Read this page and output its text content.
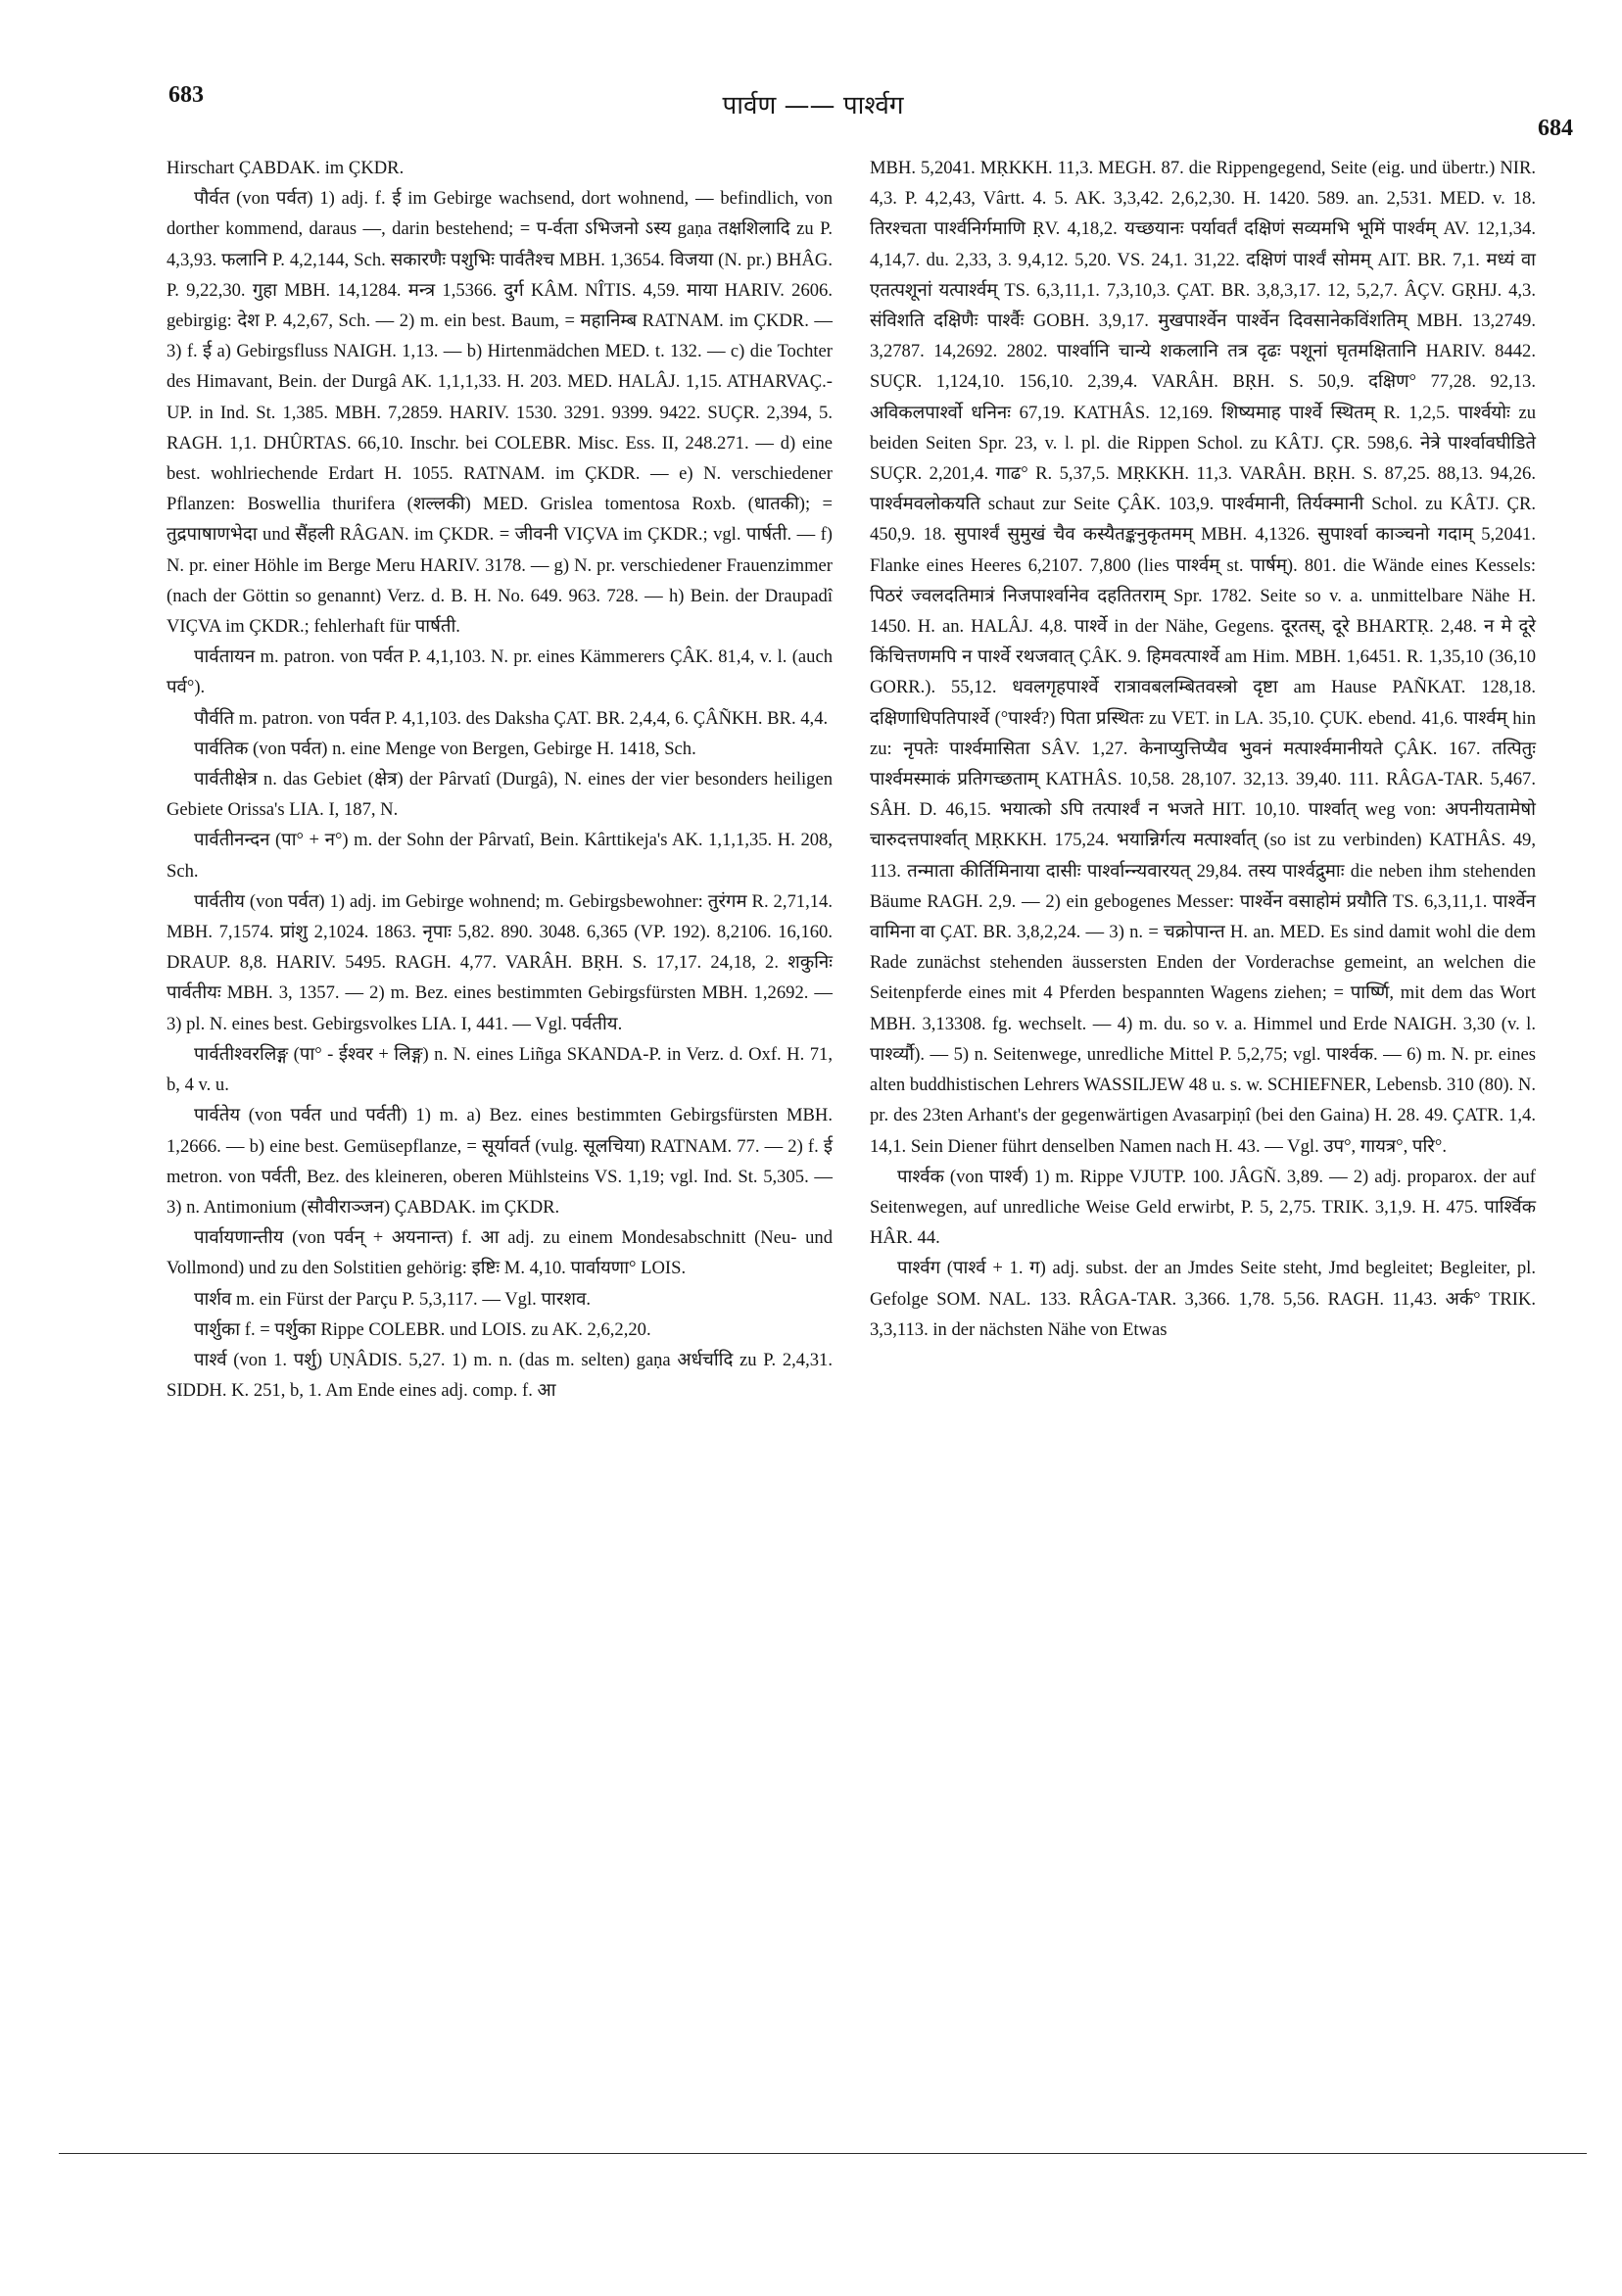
683	पार्वण —— पार्श्वग
684

Hirschart ÇABDAK. im ÇKDR.

पौर्वत (von पर्वत) 1) adj. f. ई im Gebirge wachsend, dort wohnend, — befindlich, von dorther kommend, daraus —, darin bestehend; = प-र्वता ऽभिजनो ऽस्य gaṇa तक्षशिलादि zu P. 4,3,93. फलानि P. 4,2,144, Sch. सकारणैः पशुभिः पार्वतैश्च MBH. 1,3654. विजया (N. pr.) BHÂG. P. 9,22,30. गुहा MBH. 14,1284. मन्त्र 1,5366. दुर्ग KÂM. NÎTIS. 4,59. माया HARIV. 2606. gebirgig: देश P. 4,2,67, Sch. — 2) m. ein best. Baum, = महानिम्ब RATNAM. im ÇKDR. — 3) f. ई a) Gebirgsfluss NAIGH. 1,13. — b) Hirtenmädchen MED. t. 132. — c) die Tochter des Himavant, Bein. der Durgâ AK. 1,1,1,33. H. 203. MED. HALÂJ. 1,15. ATHARVAÇ.-UP. in Ind. St. 1,385. MBH. 7,2859. HARIV. 1530. 3291. 9399. 9422. SUÇR. 2,394, 5. RAGH. 1,1. DHÛRTAS. 66,10. Inschr. bei COLEBR. Misc. Ess. II, 248.271. — d) eine best. wohlriechende Erdart H. 1055. RATNAM. im ÇKDR. — e) N. verschiedener Pflanzen: Boswellia thurifera (शल्लकी) MED. Grislea tomentosa Roxb. (धातकी); = तुद्रपाषाणभेदा und सैंहली RÂGAN. im ÇKDR. = जीवनी VIÇVA im ÇKDR.; vgl. पार्षती. — f) N. pr. einer Höhle im Berge Meru HARIV. 3178. — g) N. pr. verschiedener Frauenzimmer (nach der Göttin so genannt) Verz. d. B. H. No. 649. 963. 728. — h) Bein. der Draupadî VIÇVA im ÇKDR.; fehlerhaft für पार्षती.

पार्वतायन m. patron. von पर्वत P. 4,1,103. N. pr. eines Kämmerers ÇÂK. 81,4, v. l. (auch पर्व°).

पौर्वति m. patron. von पर्वत P. 4,1,103. des Daksha ÇAT. BR. 2,4,4, 6. ÇÂÑKH. BR. 4,4.

पार्वतिक (von पर्वत) n. eine Menge von Bergen, Gebirge H. 1418, Sch.

पार्वतीक्षेत्र n. das Gebiet (क्षेत्र) der Pârvatî (Durgâ), N. eines der vier besonders heiligen Gebiete Orissa's LIA. I, 187, N.

पार्वतीनन्दन (पा° + न°) m. der Sohn der Pârvatî, Bein. Kârttikeja's AK. 1,1,1,35. H. 208, Sch.

पार्वतीय (von पर्वत) 1) adj. im Gebirge wohnend; m. Gebirgsbewohner: तुरंगम R. 2,71,14. MBH. 7,1574. प्रांशु 2,1024. 1863. नृपाः 5,82. 890. 3048. 6,365 (VP. 192). 8,2106. 16,160. DRAUP. 8,8. HARIV. 5495. RAGH. 4,77. VARÂH. BṚH. S. 17,17. 24,18, 2. शकुनिः पार्वतीयः MBH. 3, 1357. — 2) m. Bez. eines bestimmten Gebirgsfürsten MBH. 1,2692. — 3) pl. N. eines best. Gebirgsvolkes LIA. I, 441. — Vgl. पर्वतीय.

पार्वतीश्वरलिङ्ग (पा° - ईश्वर + लिङ्ग) n. N. eines Liñga SKANDA-P. in Verz. d. Oxf. H. 71, b, 4 v. u.

पार्वतेय (von पर्वत und पर्वती) 1) m. a) Bez. eines bestimmten Gebirgsfürsten MBH. 1,2666. — b) eine best. Gemüsepflanze, = सूर्यावर्त (vulg. सूलचिया) RATNAM. 77. — 2) f. ई metron. von पर्वती, Bez. des kleineren, oberen Mühlsteins VS. 1,19; vgl. Ind. St. 5,305. — 3) n. Antimonium (सौवीराञ्जन) ÇABDAK. im ÇKDR.

पार्वायणान्तीय (von पर्वन् + अयनान्त) f. आ adj. zu einem Mondesabschnitt (Neu- und Vollmond) und zu den Solstitien gehörig: इष्टिः M. 4,10. पार्वायणा° LOIS.

पार्शव m. ein Fürst der Parçu P. 5,3,117. — Vgl. पारशव.

पार्शुका f. = पर्शुका Rippe COLEBR. und LOIS. zu AK. 2,6,2,20.

पार्श्व (von 1. पर्शु) UṆÂDIS. 5,27. 1) m. n. (das m. selten) gaṇa अर्धर्चादि zu P. 2,4,31. SIDDH. K. 251, b, 1. Am Ende eines adj. comp. f. आ

MBH. 5,2041. MṚKKH. 11,3. MEGH. 87. die Rippengegend, Seite (eig. und übertr.) NIR. 4,3. P. 4,2,43, Vârtt. 4. 5. AK. 3,3,42. 2,6,2,30. H. 1420. 589. an. 2,531. MED. v. 18. तिरश्चता पार्श्वनिर्गमाणि ṚV. 4,18,2. यच्छयानः पर्यावर्तं दक्षिणं सव्यमभि भूमिं पार्श्वम् AV. 12,1,34. 4,14,7. du. 2,33, 3. 9,4,12. 5,20. VS. 24,1. 31,22. दक्षिणं पार्श्वं सोमम् AIT. BR. 7,1. मध्यं वा एतत्पशूनां यत्पार्श्वम् TS. 6,3,11,1. 7,3,10,3. ÇAT. BR. 3,8,3,17. 12, 5,2,7. ÂÇV. GṚHJ. 4,3. संविशति दक्षिणैः पार्श्वैः GOBH. 3,9,17. मुखपार्श्वेन पार्श्वेन दिवसानेकविंशतिम् MBH. 13,2749. 3,2787. 14,2692. 2802. पार्श्वानि चान्ये शकलानि तत्र दृढः पशूनां घृतमक्षितानि HARIV. 8442. SUÇR. 1,124,10. 156,10. 2,39,4. VARÂH. BṚH. S. 50,9. दक्षिण° 77,28. 92,13. अविकलपार्श्वो धनिनः 67,19. KATHÂS. 12,169. शिष्यमाह पार्श्वे स्थितम् R. 1,2,5. पार्श्वयोः zu beiden Seiten Spr. 23, v. l. pl. die Rippen Schol. zu KÂTJ. ÇR. 598,6. नेत्रे पार्श्वावघीडिते SUÇR. 2,201,4. गाढ° R. 5,37,5. MṚKKH. 11,3. VARÂH. BṚH. S. 87,25. 88,13. 94,26. पार्श्वमवलोकयति schaut zur Seite ÇÂK. 103,9. पार्श्वमानी, तिर्यक्मानी Schol. zu KÂTJ. ÇR. 450,9. 18. सुपार्श्वं सुमुखं चैव कस्यैतङ्कनुकृतमम् MBH. 4,1326. सुपार्श्वा काञ्चनो गदाम् 5,2041. Flanke eines Heeres 6,2107. 7,800 (lies पार्श्वम् st. पार्षम्). 801. die Wände eines Kessels: पिठरं ज्वलदतिमात्रं निजपार्श्वानेव दहतितराम् Spr. 1782. Seite so v. a. unmittelbare Nähe H. 1450. H. an. HALÂJ. 4,8. पार्श्वे in der Nähe, Gegens. दूरतस्, दूरे BHARTṚ. 2,48. न मे दूरे किंचित्तणमपि न पार्श्वे रथजवात् ÇÂK. 9. हिमवत्पार्श्वे am Him. MBH. 1,6451. R. 1,35,10 (36,10 GORR.). 55,12. धवलगृहपार्श्वे रात्रावबलम्बितवस्त्रो दृष्टा am Hause PAÑKAT. 128,18. दक्षिणाधिपतिपार्श्वे (°पार्श्व?) पिता प्रस्थितः zu VET. in LA. 35,10. ÇUK. ebend. 41,6. पार्श्वम् hin zu: नृपतेः पार्श्वमासिता SÂV. 1,27. केनाप्युत्तिप्यैव भुवनं मत्पार्श्वमानीयते ÇÂK. 167. तत्पितुः पार्श्वमस्माकं प्रतिगच्छताम् KATHÂS. 10,58. 28,107. 32,13. 39,40. 111. RÂGA-TAR. 5,467. SÂH. D. 46,15. भयात्को ऽपि तत्पार्श्वं न भजते HIT. 10,10. पार्श्वात् weg von: अपनीयतामेषो चारुदत्तपार्श्वात् MṚKKH. 175,24. भयान्निर्गत्य मत्पार्श्वात् (so ist zu verbinden) KATHÂS. 49, 113. तन्माता कीर्तिमिनाया दासीः पार्श्वान्न्यवारयत् 29,84. तस्य पार्श्वद्रुमाः die neben ihm stehenden Bäume RAGH. 2,9. — 2) ein gebogenes Messer: पार्श्वेन वसाहोमं प्रयौति TS. 6,3,11,1. पार्श्वेन वामिना वा ÇAT. BR. 3,8,2,24. — 3) n. = चक्रोपान्त H. an. MED. Es sind damit wohl die dem Rade zunächst stehenden äussersten Enden der Vorderachse gemeint, an welchen die Seitenpferde eines mit 4 Pferden bespannten Wagens ziehen; = पार्ष्णि, mit dem das Wort MBH. 3,13308. fg. wechselt. — 4) m. du. so v. a. Himmel und Erde NAIGH. 3,30 (v. l. पार्श्व्यौ). — 5) n. Seitenwege, unredliche Mittel P. 5,2,75; vgl. पार्श्वक. — 6) m. N. pr. eines alten buddhistischen Lehrers WASSILJEW 48 u. s. w. SCHIEFNER, Lebensb. 310 (80). N. pr. des 23ten Arhant's der gegenwärtigen Avasarpiṇî (bei den Gaina) H. 28. 49. ÇATR. 1,4. 14,1. Sein Diener führt denselben Namen nach H. 43. — Vgl. उप°, गायत्र°, परि°.

पार्श्वक (von पार्श्व) 1) m. Rippe VJUTP. 100. JÂGÑ. 3,89. — 2) adj. proparox. der auf Seitenwegen, auf unredliche Weise Geld erwirbt, P. 5, 2,75. TRIK. 3,1,9. H. 475. पार्श्विक HÂR. 44.

पार्श्वग (पार्श्व + 1. ग) adj. subst. der an Jmdes Seite steht, Jmd begleitet; Begleiter, pl. Gefolge SOM. NAL. 133. RÂGA-TAR. 3,366. 1,78. 5,56. RAGH. 11,43. अर्क° TRIK. 3,3,113. in der nächsten Nähe von Etwas
